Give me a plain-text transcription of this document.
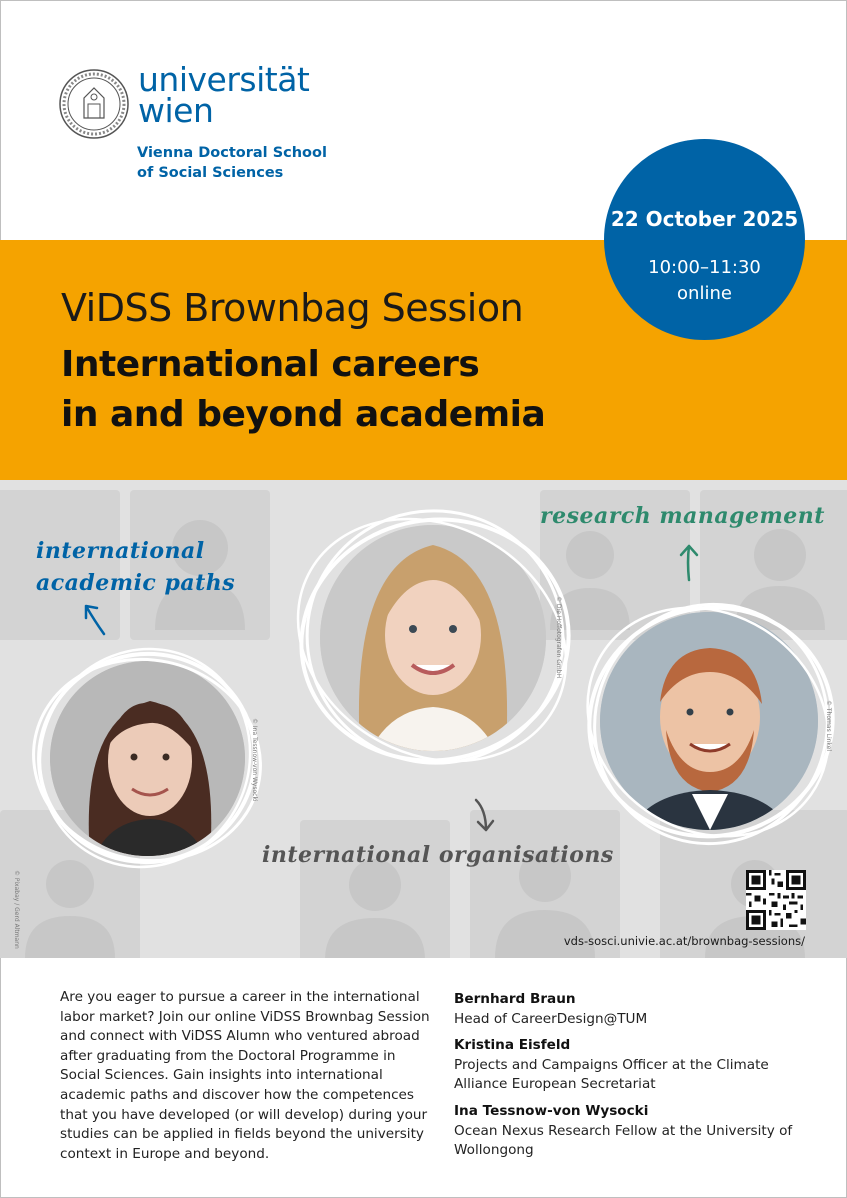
universität
wien
Vienna Doctoral School
of Social Sciences
ViDSS Brownbag Session
International careers
in and beyond academia
22 October 2025
10:00–11:30
online
international
academic paths
research management
international organisations
© Ina Tessnow-von Wysocki
© Die Hoffotografen GmbH
© Thomas Linkel
© Pixabay / Gerd Altmann	vds-sosci.univie.ac.at/brownbag-sessions/
Are you eager to pursue a career in the international labor market? Join our online ViDSS Brownbag Session and connect with ViDSS Alumn who ventured abroad after graduating from the Doctoral Programme in Social Sciences. Gain insights into international academic paths and discover how the competences that you have developed (or will develop) during your studies can be applied in fields beyond the university context in Europe and beyond.
Bernhard Braun
Head of CareerDesign@TUM
Kristina Eisfeld
Projects and Campaigns Officer at the Climate Alliance European Secretariat
Ina Tessnow-von Wysocki
Ocean Nexus Research Fellow at the University of Wollongong
